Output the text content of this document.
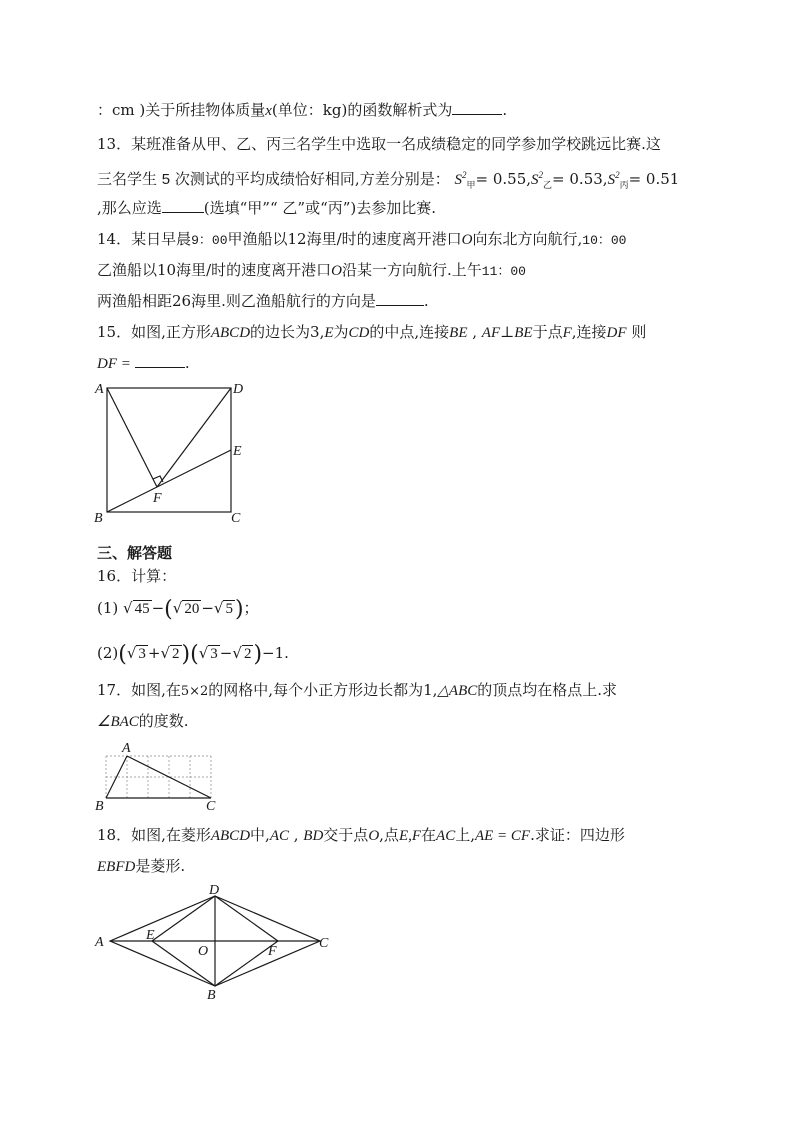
：cm )关于所挂物体质量x(单位：kg)的函数解析式为	.
13．某班准备从甲、乙、丙三名学生中选取一名成绩稳定的同学参加学校跳远比赛.这
三名学生 5 次测试的平均成绩恰好相同,方差分别是： $S^2_甲= 0.55,S^2_乙= 0.53,S^2_丙= 0.51$
,那么应选	(选填“甲”“ 乙”或“丙”)去参加比赛.
14．某日早晨9：00甲渔船以12海里/时的速度离开港口O向东北方向航行,10：00
乙渔船以10海里/时的速度离开港口O沿某一方向航行.上午11：00
两渔船相距26海里.则乙渔船航行的方向是	.
15．如图,正方形ABCD的边长为3,E为CD的中点,连接BE , AF⊥BE于点F,连接DF 则
DF =	.
A	D
E
F
B	C
三、解答题
16．计算：
(1) √ 45 −(√ 20 −√ 5)；
(2)(√ 3 +√ 2)(√ 3 −√ 2)−1.
17．如图,在5×2的网格中,每个小正方形边长都为1,△ABC的顶点均在格点上.求
∠BAC的度数.
A
B	C
18．如图,在菱形ABCD中,AC , BD交于点O,点E,F在AC上,AE = CF.求证：四边形
EBFD是菱形.
A
D
E
O	F
C
B
